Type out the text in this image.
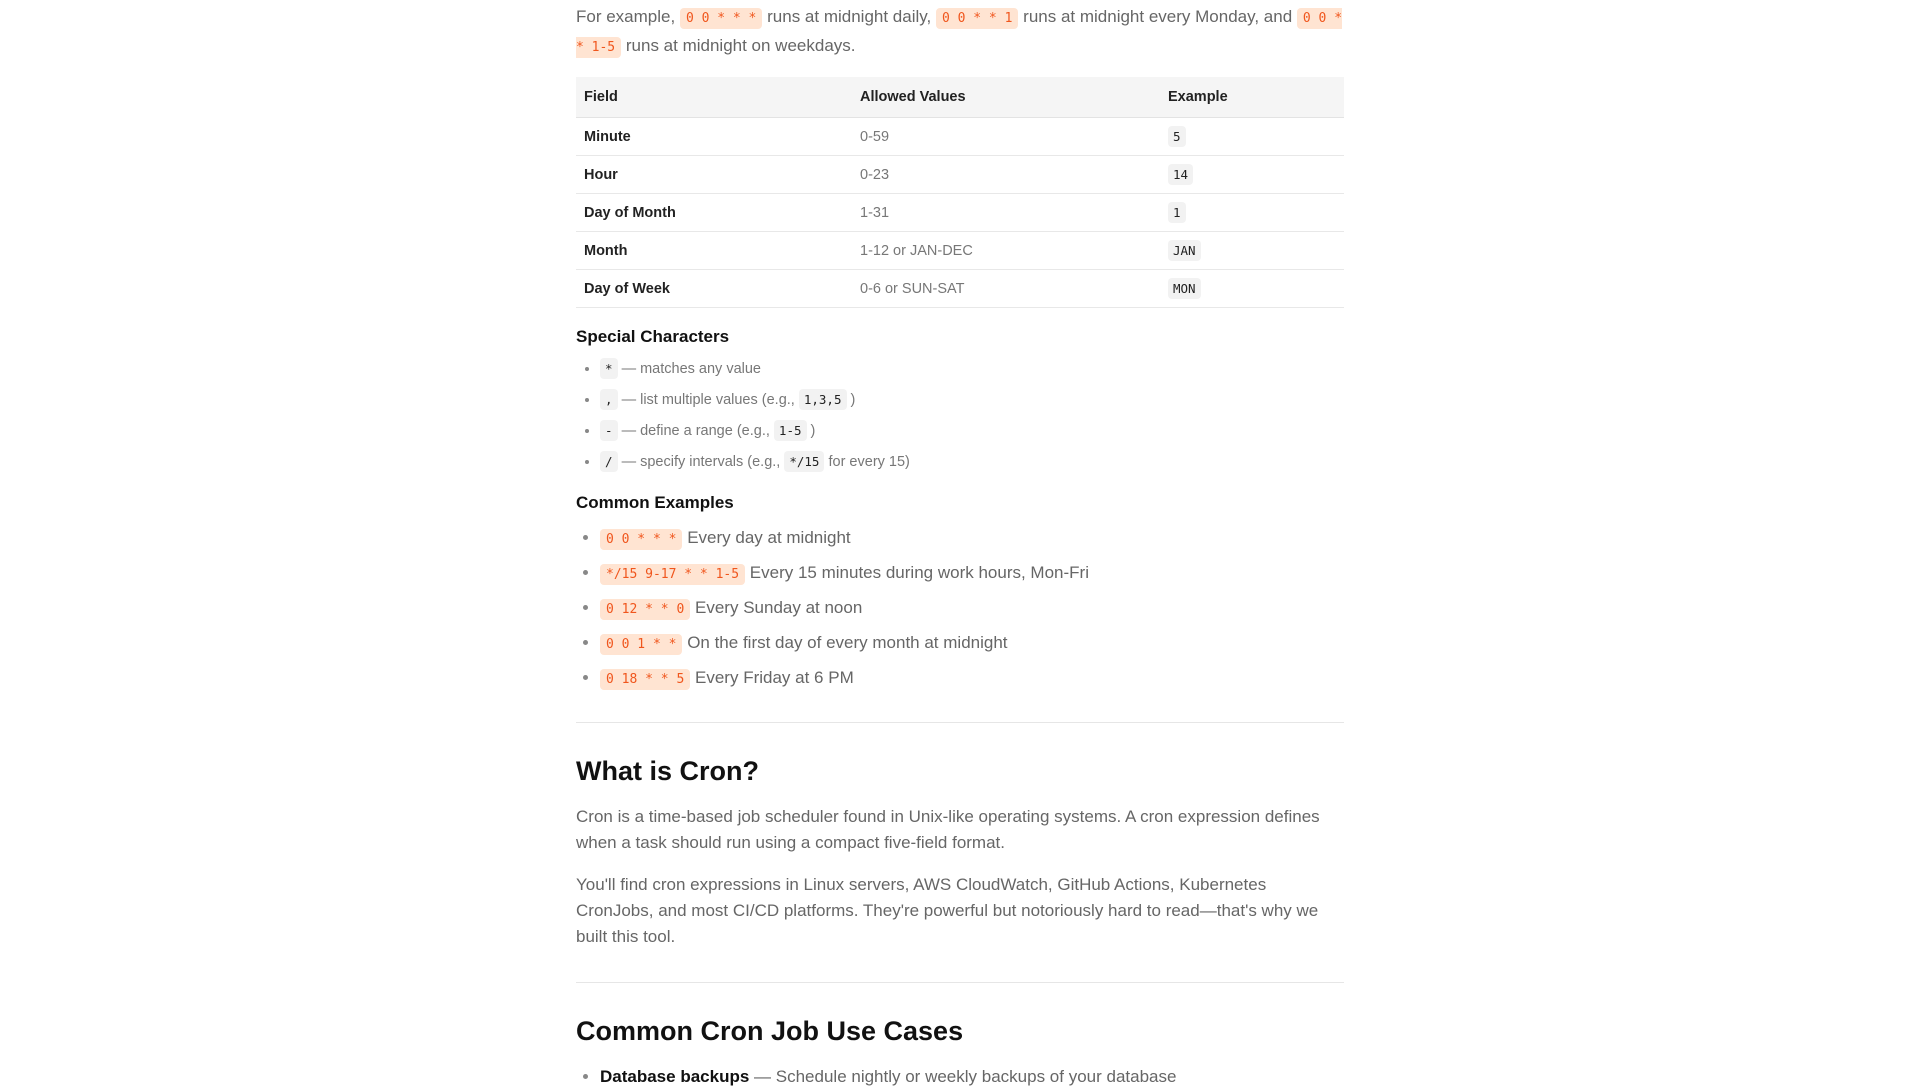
For example, 0 0 * * * runs at midnight daily, 0 0 * * 1 runs at midnight every Monday, and 0 0 * * 1-5 runs at midnight on weekdays.

Field	Allowed Values	Example
Minute	0-59	5
Hour	0-23	14
Day of Month	1-31	1
Month	1-12 or JAN-DEC	JAN
Day of Week	0-6 or SUN-SAT	MON
Special Characters
• * — matches any value
• , — list multiple values (e.g., 1,3,5 )
• - — define a range (e.g., 1-5 )
• / — specify intervals (e.g., */15 for every 15)
Common Examples
• 0 0 * * * Every day at midnight
• */15 9-17 * * 1-5 Every 15 minutes during work hours, Mon-Fri
• 0 12 * * 0 Every Sunday at noon
• 0 0 1 * * On the first day of every month at midnight
• 0 18 * * 5 Every Friday at 6 PM
What is Cron?

Cron is a time-based job scheduler found in Unix-like operating systems. A cron expression defines when a task should run using a compact five-field format.

You'll find cron expressions in Linux servers, AWS CloudWatch, GitHub Actions, Kubernetes CronJobs, and most CI/CD platforms. They're powerful but notoriously hard to read—that's why we built this tool.

Common Cron Job Use Cases
• Database backups — Schedule nightly or weekly backups of your database
